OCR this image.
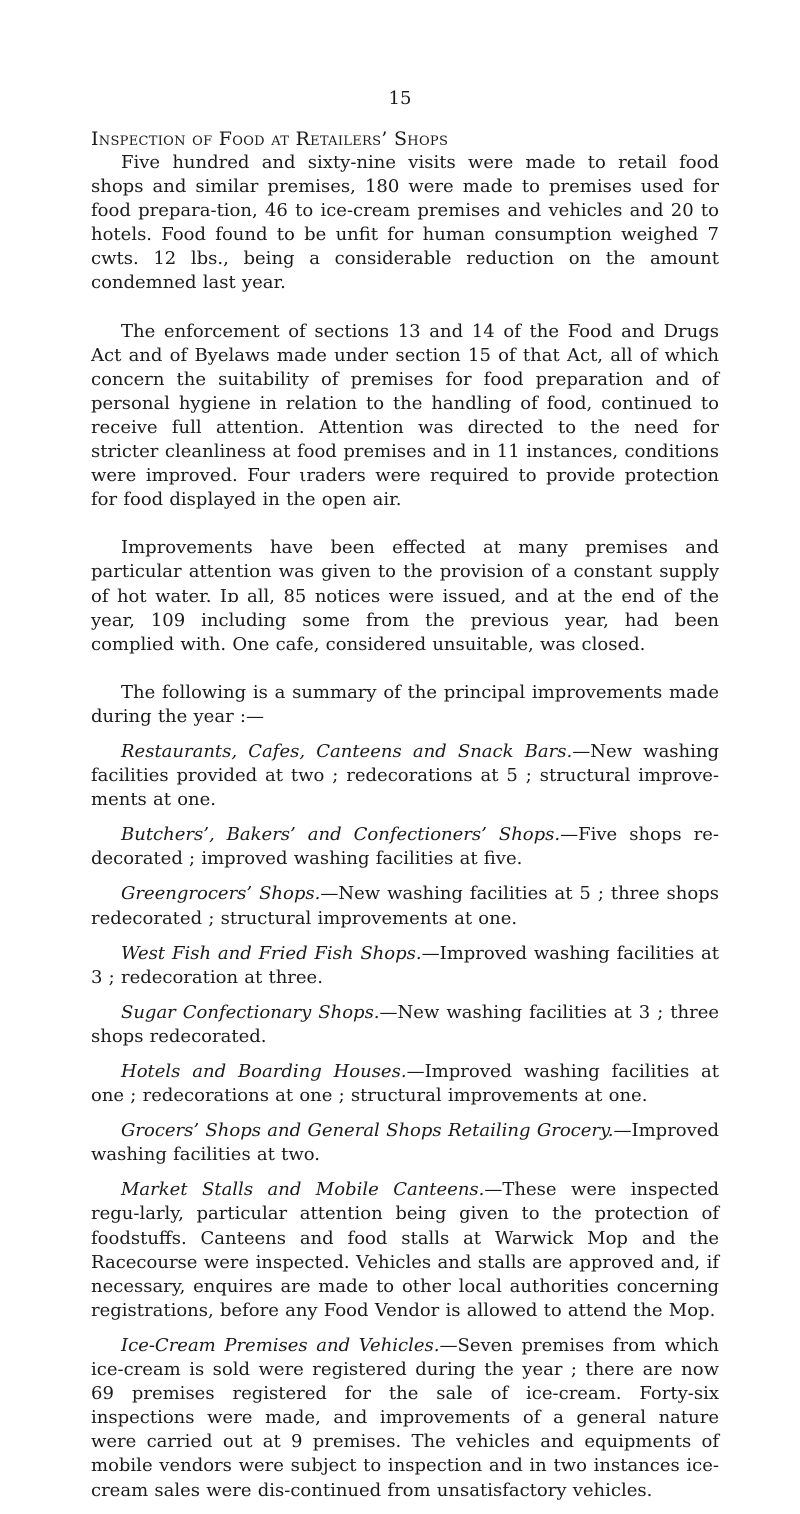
15
Inspection of Food at Retailers’ Shops

Five hundred and sixty-nine visits were made to retail food shops and similar premises, 180 were made to premises used for food prepara-tion, 46 to ice-cream premises and vehicles and 20 to hotels. Food found to be unfit for human consumption weighed 7 cwts. 12 lbs., being a considerable reduction on the amount condemned last year.

The enforcement of sections 13 and 14 of the Food and Drugs Act and of Byelaws made under section 15 of that Act, all of which concern the suitability of premises for food preparation and of personal hygiene in relation to the handling of food, continued to receive full attention. Attention was directed to the need for stricter cleanliness at food premises and in 11 instances, conditions were improved. Four ιraders were required to provide protection for food displayed in the open air.

Improvements have been effected at many premises and particular attention was given to the provision of a constant supply of hot water. Iɒ all, 85 notices were issued, and at the end of the year, 109 including some from the previous year, had been complied with. One cafe, considered unsuitable, was closed.

The following is a summary of the principal improvements made during the year :—

Restaurants, Cafes, Canteens and Snack Bars.—New washing facilities provided at two ; redecorations at 5 ; structural improve-ments at one.

Butchers’, Bakers’ and Confectioners’ Shops.—Five shops re-decorated ; improved washing facilities at five.

Greengrocers’ Shops.—New washing facilities at 5 ; three shops redecorated ; structural improvements at one.

West Fish and Fried Fish Shops.—Improved washing facilities at 3 ; redecoration at three.

Sugar Confectionary Shops.—New washing facilities at 3 ; three shops redecorated.

Hotels and Boarding Houses.—Improved washing facilities at one ; redecorations at one ; structural improvements at one.

Grocers’ Shops and General Shops Retailing Grocery.—Improved washing facilities at two.

Market Stalls and Mobile Canteens.—These were inspected regu-larly, particular attention being given to the protection of foodstuffs. Canteens and food stalls at Warwick Mop and the Racecourse were inspected. Vehicles and stalls are approved and, if necessary, enquires are made to other local authorities concerning registrations, before any Food Vendor is allowed to attend the Mop.

Ice-Cream Premises and Vehicles.—Seven premises from which ice-cream is sold were registered during the year ; there are now 69 premises registered for the sale of ice-cream. Forty-six inspections were made, and improvements of a general nature were carried out at 9 premises. The vehicles and equipments of mobile vendors were subject to inspection and in two instances ice-cream sales were dis-continued from unsatisfactory vehicles.
